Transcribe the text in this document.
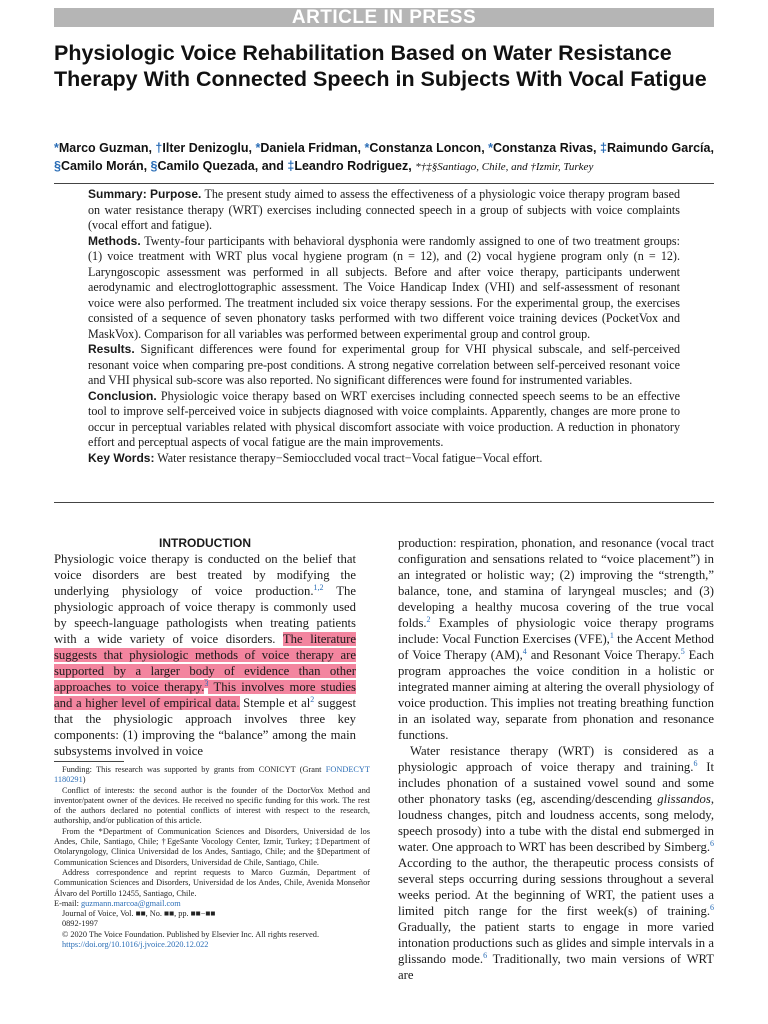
ARTICLE IN PRESS
Physiologic Voice Rehabilitation Based on Water Resistance Therapy With Connected Speech in Subjects With Vocal Fatigue
*Marco Guzman, †Ilter Denizoglu, *Daniela Fridman, *Constanza Loncon, *Constanza Rivas, ‡Raimundo García,
§Camilo Morán, §Camilo Quezada, and ‡Leandro Rodriguez, *†‡§Santiago, Chile, and †Izmir, Turkey

Summary: Purpose. The present study aimed to assess the effectiveness of a physiologic voice therapy program based on water resistance therapy (WRT) exercises including connected speech in a group of subjects with voice complaints (vocal effort and fatigue).

Methods. Twenty-four participants with behavioral dysphonia were randomly assigned to one of two treatment groups: (1) voice treatment with WRT plus vocal hygiene program (n = 12), and (2) vocal hygiene program only (n = 12). Laryngoscopic assessment was performed in all subjects. Before and after voice therapy, participants underwent aerodynamic and electroglottographic assessment. The Voice Handicap Index (VHI) and self-assessment of resonant voice were also performed. The treatment included six voice therapy sessions. For the experimental group, the exercises consisted of a sequence of seven phonatory tasks performed with two different voice training devices (PocketVox and MaskVox). Comparison for all variables was performed between experimental group and control group.

Results. Significant differences were found for experimental group for VHI physical subscale, and self-perceived resonant voice when comparing pre-post conditions. A strong negative correlation between self-perceived resonant voice and VHI physical sub-score was also reported. No significant differences were found for instrumented variables.

Conclusion. Physiologic voice therapy based on WRT exercises including connected speech seems to be an effective tool to improve self-perceived voice in subjects diagnosed with voice complaints. Apparently, changes are more prone to occur in perceptual variables related with physical discomfort associate with voice production. A reduction in phonatory effort and perceptual aspects of vocal fatigue are the main improvements.

Key Words: Water resistance therapy−Semioccluded vocal tract−Vocal fatigue−Vocal effort.

INTRODUCTION

Physiologic voice therapy is conducted on the belief that voice disorders are best treated by modifying the underlying physiology of voice production.$^{1,2}$ The physiologic approach of voice therapy is commonly used by speech-language pathologists when treating patients with a wide variety of voice disorders. The literature suggests that physiologic methods of voice therapy are supported by a larger body of evidence than other approaches to voice therapy.$^3$ This involves more studies and a higher level of empirical data. Stemple et al$^2$ suggest that the physiologic approach involves three key components: (1) improving the “balance” among the main subsystems involved in voice

Funding: This research was supported by grants from CONICYT (Grant FONDECYT 1180291)

Conflict of interests: the second author is the founder of the DoctorVox Method and inventor/patent owner of the devices. He received no specific funding for this work. The rest of the authors declared no potential conflicts of interest with respect to the research, authorship, and/or publication of this article.

From the *Department of Communication Sciences and Disorders, Universidad de los Andes, Chile, Santiago, Chile; †EgeSante Vocology Center, Izmir, Turkey; ‡Department of Otolaryngology, Clinica Universidad de los Andes, Santiago, Chile; and the §Department of Communication Sciences and Disorders, Universidad de Chile, Santiago, Chile.

Address correspondence and reprint requests to Marco Guzmán, Department of Communication Sciences and Disorders, Universidad de los Andes, Chile, Avenida Monseñor Álvaro del Portillo 12455, Santiago, Chile.

E-mail: guzmann.marcoa@gmail.com

Journal of Voice, Vol. ■■, No. ■■, pp. ■■−■■

0892-1997

© 2020 The Voice Foundation. Published by Elsevier Inc. All rights reserved.

https://doi.org/10.1016/j.jvoice.2020.12.022

production: respiration, phonation, and resonance (vocal tract configuration and sensations related to “voice placement”) in an integrated or holistic way; (2) improving the “strength,” balance, tone, and stamina of laryngeal muscles; and (3) developing a healthy mucosa covering of the true vocal folds.$^2$ Examples of physiologic voice therapy programs include: Vocal Function Exercises (VFE),$^1$ the Accent Method of Voice Therapy (AM),$^4$ and Resonant Voice Therapy.$^5$ Each program approaches the voice condition in a holistic or integrated manner aiming at altering the overall physiology of voice production. This implies not treating breathing function in an isolated way, separate from phonation and resonance functions.

Water resistance therapy (WRT) is considered as a physiologic approach of voice therapy and training.$^6$ It includes phonation of a sustained vowel sound and some other phonatory tasks (eg, ascending/descending glissandos, loudness changes, pitch and loudness accents, song melody, speech prosody) into a tube with the distal end submerged in water. One approach to WRT has been described by Simberg.$^6$ According to the author, the therapeutic process consists of several steps occurring during sessions throughout a several weeks period. At the beginning of WRT, the patient uses a limited pitch range for the first week(s) of training.$^6$ Gradually, the patient starts to engage in more varied intonation productions such as glides and simple intervals in a glissando mode.$^6$ Traditionally, two main versions of WRT are
